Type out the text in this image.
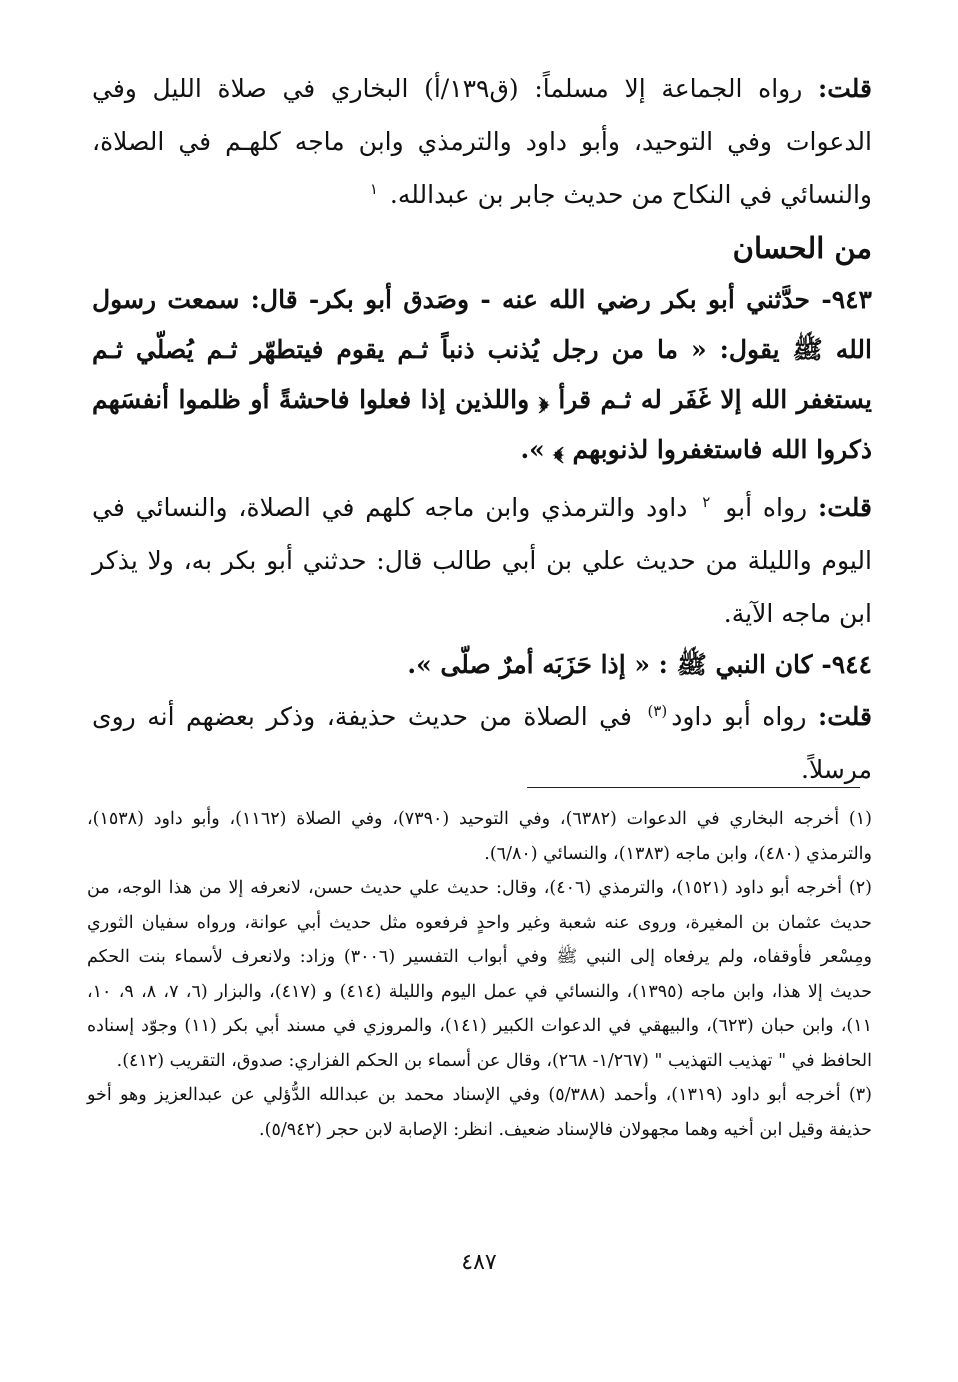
قلت: رواه الجماعة إلا مسلماً: (ق١٣٩/أ) البخاري في صلاة الليل وفي الدعوات وفي التوحيد، وأبو داود والترمذي وابن ماجه كلهـم في الصلاة، والنسائي في النكاح من حديث جابر بن عبدالله. $^١$

من الحسان

٩٤٣- حدَّثني أبو بكر رضي الله عنه - وصَدق أبو بكر- قال: سمعت رسول الله ﷺ يقول: « ما من رجل يُذنب ذنباً ثـم يقوم فيتطهّر ثـم يُصلّي ثـم يستغفر الله إلا غَفَر له ثـم قرأ ﴿ واللذين إذا فعلوا فاحشةً أو ظلموا أنفسَهم ذكروا الله فاستغفروا لذنوبهم ﴾ ».

قلت: رواه أبو $^٢$ داود والترمذي وابن ماجه كلهم في الصلاة، والنسائي في اليوم والليلة من حديث علي بن أبي طالب قال: حدثني أبو بكر به، ولا يذكر ابن ماجه الآية.

٩٤٤- كان النبي ﷺ : « إذا حَزَبَه أمرٌ صلّى ».

قلت: رواه أبو داود$^{(٣)}$ في الصلاة من حديث حذيفة، وذكر بعضهم أنه روى مرسلاً.

(١) أخرجه البخاري في الدعوات (٦٣٨٢)، وفي التوحيد (٧٣٩٠)، وفي الصلاة (١١٦٢)، وأبو داود (١٥٣٨)، والترمذي (٤٨٠)، وابن ماجه (١٣٨٣)، والنسائي (٦/٨٠).

(٢) أخرجه أبو داود (١٥٢١)، والترمذي (٤٠٦)، وقال: حديث علي حديث حسن، لانعرفه إلا من هذا الوجه، من حديث عثمان بن المغيرة، وروى عنه شعبة وغير واحدٍ فرفعوه مثل حديث أبي عوانة، ورواه سفيان الثوري ومِسْعر فأوقفاه، ولم يرفعاه إلى النبي ﷺ وفي أبواب التفسير (٣٠٠٦) وزاد: ولانعرف لأسماء بنت الحكم حديث إلا هذا، وابن ماجه (١٣٩٥)، والنسائي في عمل اليوم والليلة (٤١٤) و (٤١٧)، والبزار (٦، ٧، ٨، ٩، ١٠، ١١)، وابن حبان (٦٢٣)، والبيهقي في الدعوات الكبير (١٤١)، والمروزي في مسند أبي بكر (١١) وجوّد إسناده الحافظ في " تهذيب التهذيب " (١/٢٦٧- ٢٦٨)، وقال عن أسماء بن الحكم الفزاري: صدوق، التقريب (٤١٢).

(٣) أخرجه أبو داود (١٣١٩)، وأحمد (٥/٣٨٨) وفي الإسناد محمد بن عبدالله الدُّؤلي عن عبدالعزيز وهو أخو حذيفة وقيل ابن أخيه وهما مجهولان فالإسناد ضعيف. انظر: الإصابة لابن حجر (٥/٩٤٢).

٤٨٧
